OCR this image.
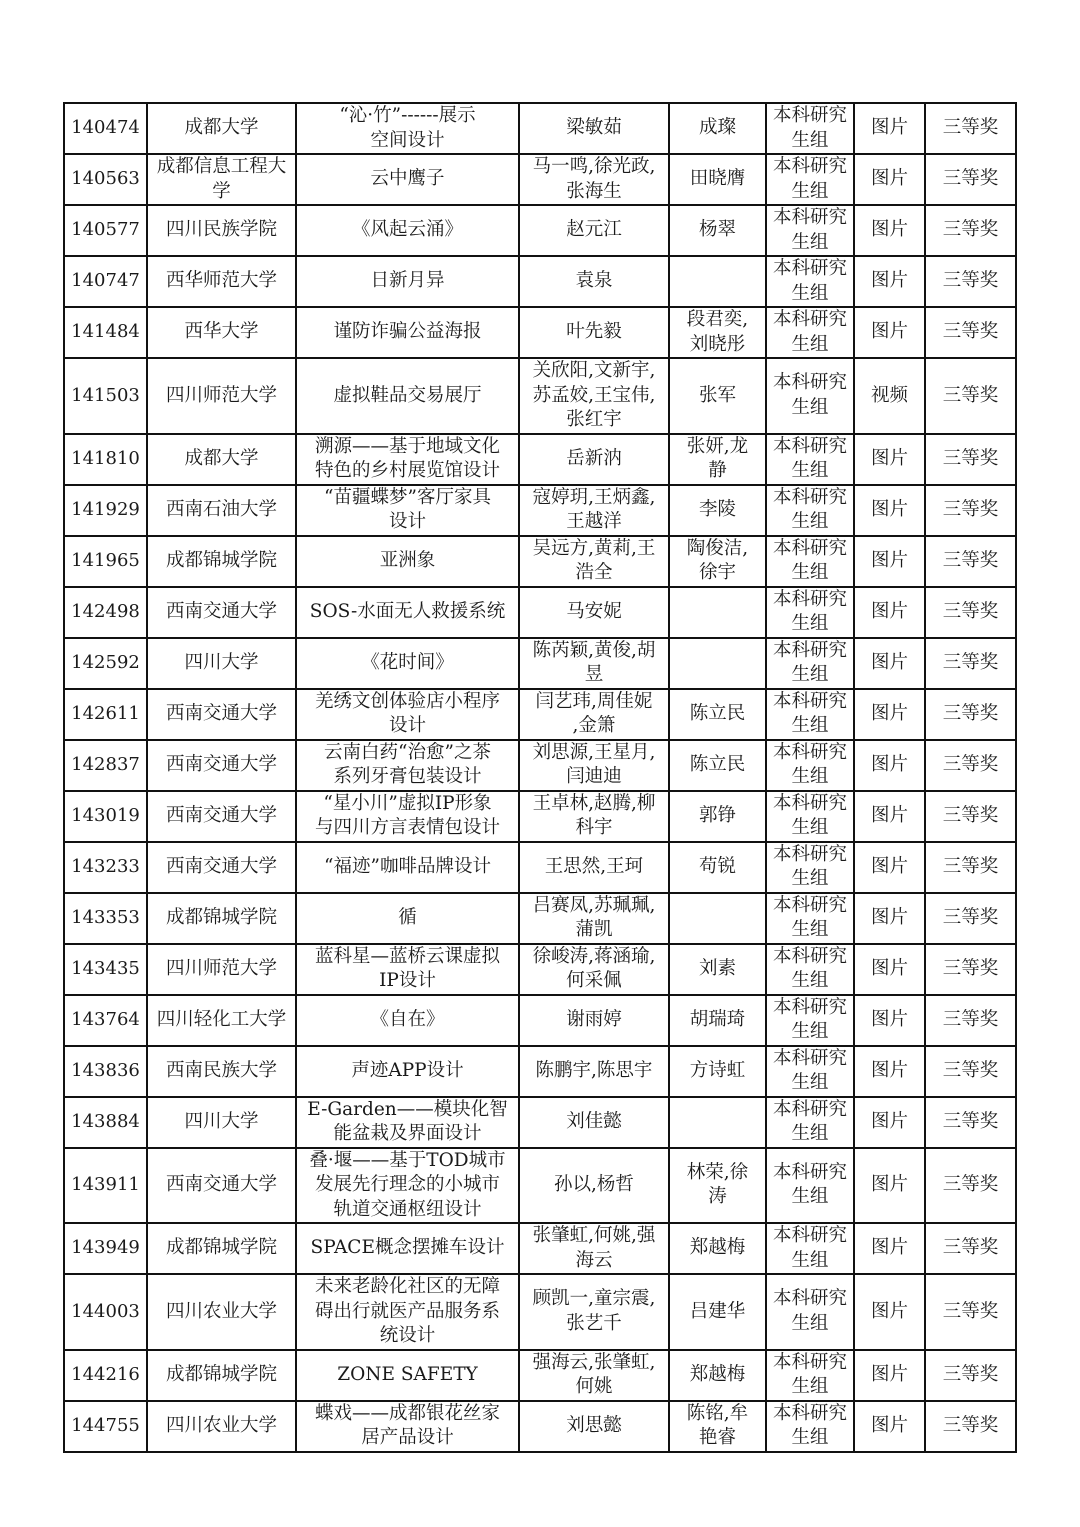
140474	成都大学	“沁·竹”------展示
空间设计	梁敏茹	成璨	本科研究
生组	图片	三等奖
140563	成都信息工程大
学	云中鹰子	马一鸣,徐光政,
张海生	田晓膺	本科研究
生组	图片	三等奖
140577	四川民族学院	《风起云涌》	赵元江	杨翠	本科研究
生组	图片	三等奖
140747	西华师范大学	日新月异	袁泉		本科研究
生组	图片	三等奖
141484	西华大学	谨防诈骗公益海报	叶先毅	段君奕,
刘晓彤	本科研究
生组	图片	三等奖
141503	四川师范大学	虚拟鞋品交易展厅	关欣阳,文新宇,
苏孟姣,王宝伟,
张红宇	张军	本科研究
生组	视频	三等奖
141810	成都大学	溯源——基于地域文化
特色的乡村展览馆设计	岳新汭	张妍,龙
静	本科研究
生组	图片	三等奖
141929	西南石油大学	“苗疆蝶梦”客厅家具
设计	寇婷玥,王炳鑫,
王越洋	李陵	本科研究
生组	图片	三等奖
141965	成都锦城学院	亚洲象	吴远方,黄莉,王
浩全	陶俊洁,
徐宇	本科研究
生组	图片	三等奖
142498	西南交通大学	SOS-水面无人救援系统	马安妮		本科研究
生组	图片	三等奖
142592	四川大学	《花时间》	陈芮颖,黄俊,胡
昱		本科研究
生组	图片	三等奖
142611	西南交通大学	羌绣文创体验店小程序
设计	闫艺玮,周佳妮
,金箫	陈立民	本科研究
生组	图片	三等奖
142837	西南交通大学	云南白药“治愈”之茶
系列牙膏包装设计	刘思源,王星月,
闫迪迪	陈立民	本科研究
生组	图片	三等奖
143019	西南交通大学	“星小川”虚拟IP形象
与四川方言表情包设计	王卓林,赵腾,柳
科宇	郭铮	本科研究
生组	图片	三等奖
143233	西南交通大学	“福迹”咖啡品牌设计	王思然,王珂	苟锐	本科研究
生组	图片	三等奖
143353	成都锦城学院	循	吕赛凤,苏珮珮,
蒲凯		本科研究
生组	图片	三等奖
143435	四川师范大学	蓝科星—蓝桥云课虚拟
IP设计	徐峻涛,蒋涵瑜,
何采佩	刘素	本科研究
生组	图片	三等奖
143764	四川轻化工大学	《自在》	谢雨婷	胡瑞琦	本科研究
生组	图片	三等奖
143836	西南民族大学	声迹APP设计	陈鹏宇,陈思宇	方诗虹	本科研究
生组	图片	三等奖
143884	四川大学	E-Garden——模块化智
能盆栽及界面设计	刘佳懿		本科研究
生组	图片	三等奖
143911	西南交通大学	叠·堰——基于TOD城市
发展先行理念的小城市
轨道交通枢纽设计	孙以,杨哲	林荣,徐
涛	本科研究
生组	图片	三等奖
143949	成都锦城学院	SPACE概念摆摊车设计	张肇虹,何姚,强
海云	郑越梅	本科研究
生组	图片	三等奖
144003	四川农业大学	未来老龄化社区的无障
碍出行就医产品服务系
统设计	顾凯一,童宗震,
张艺千	吕建华	本科研究
生组	图片	三等奖
144216	成都锦城学院	ZONE SAFETY	强海云,张肇虹,
何姚	郑越梅	本科研究
生组	图片	三等奖
144755	四川农业大学	蝶戏——成都银花丝家
居产品设计	刘思懿	陈铭,牟
艳睿	本科研究
生组	图片	三等奖
